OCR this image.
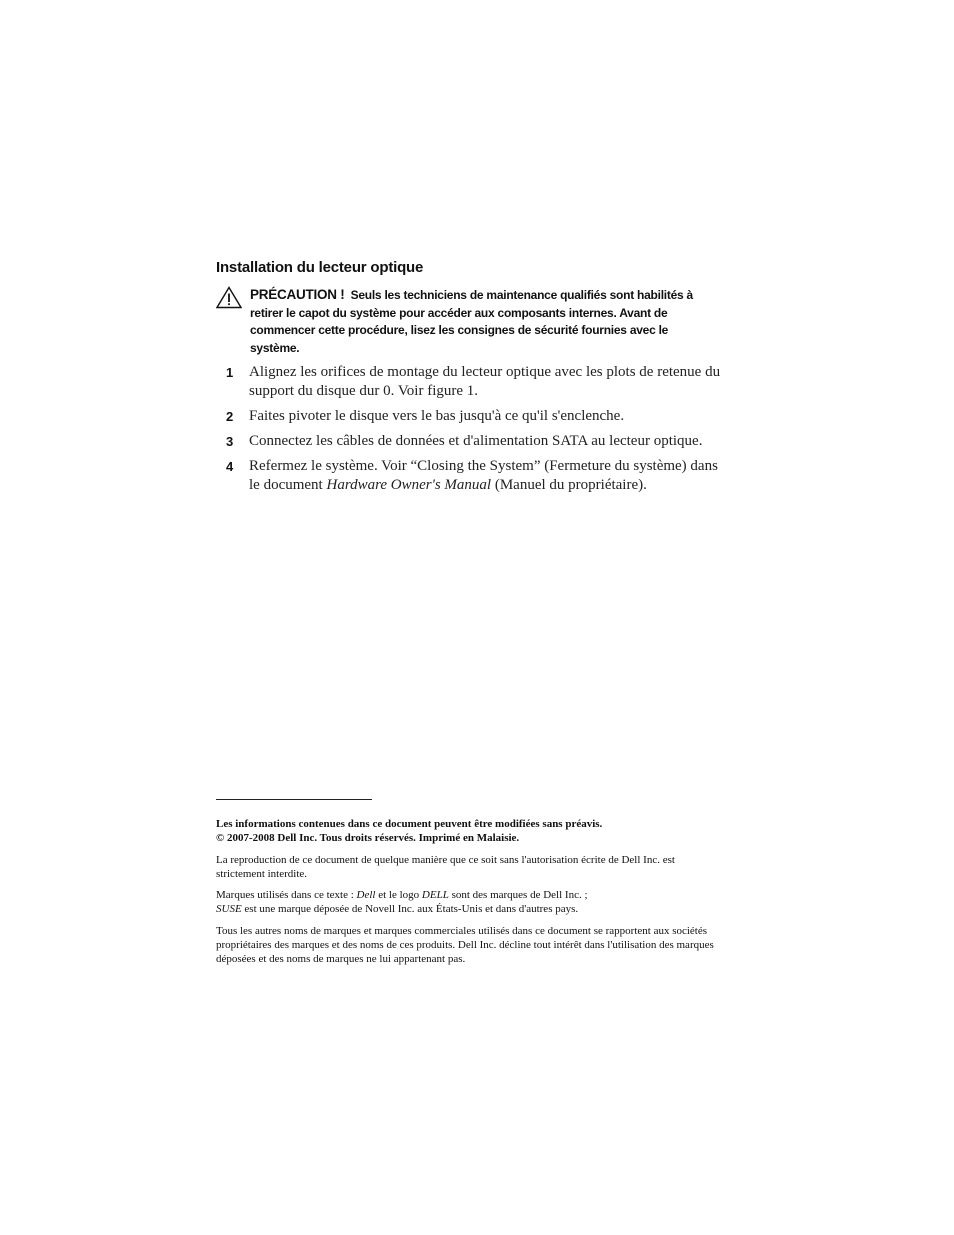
Installation du lecteur optique

PRÉCAUTION ! Seuls les techniciens de maintenance qualifiés sont habilités à retirer le capot du système pour accéder aux composants internes. Avant de commencer cette procédure, lisez les consignes de sécurité fournies avec le système.

1 Alignez les orifices de montage du lecteur optique avec les plots de retenue du support du disque dur 0. Voir figure 1.
2 Faites pivoter le disque vers le bas jusqu'à ce qu'il s'enclenche.
3 Connectez les câbles de données et d'alimentation SATA au lecteur optique.
4 Refermez le système. Voir “Closing the System” (Fermeture du système) dans le document Hardware Owner's Manual (Manuel du propriétaire).

Les informations contenues dans ce document peuvent être modifiées sans préavis.
© 2007-2008 Dell Inc. Tous droits réservés. Imprimé en Malaisie.

La reproduction de ce document de quelque manière que ce soit sans l'autorisation écrite de Dell Inc. est strictement interdite.

Marques utilisés dans ce texte : Dell et le logo DELL sont des marques de Dell Inc. ;
SUSE est une marque déposée de Novell Inc. aux États-Unis et dans d'autres pays.

Tous les autres noms de marques et marques commerciales utilisés dans ce document se rapportent aux sociétés propriétaires des marques et des noms de ces produits. Dell Inc. décline tout intérêt dans l'utilisation des marques déposées et des noms de marques ne lui appartenant pas.
